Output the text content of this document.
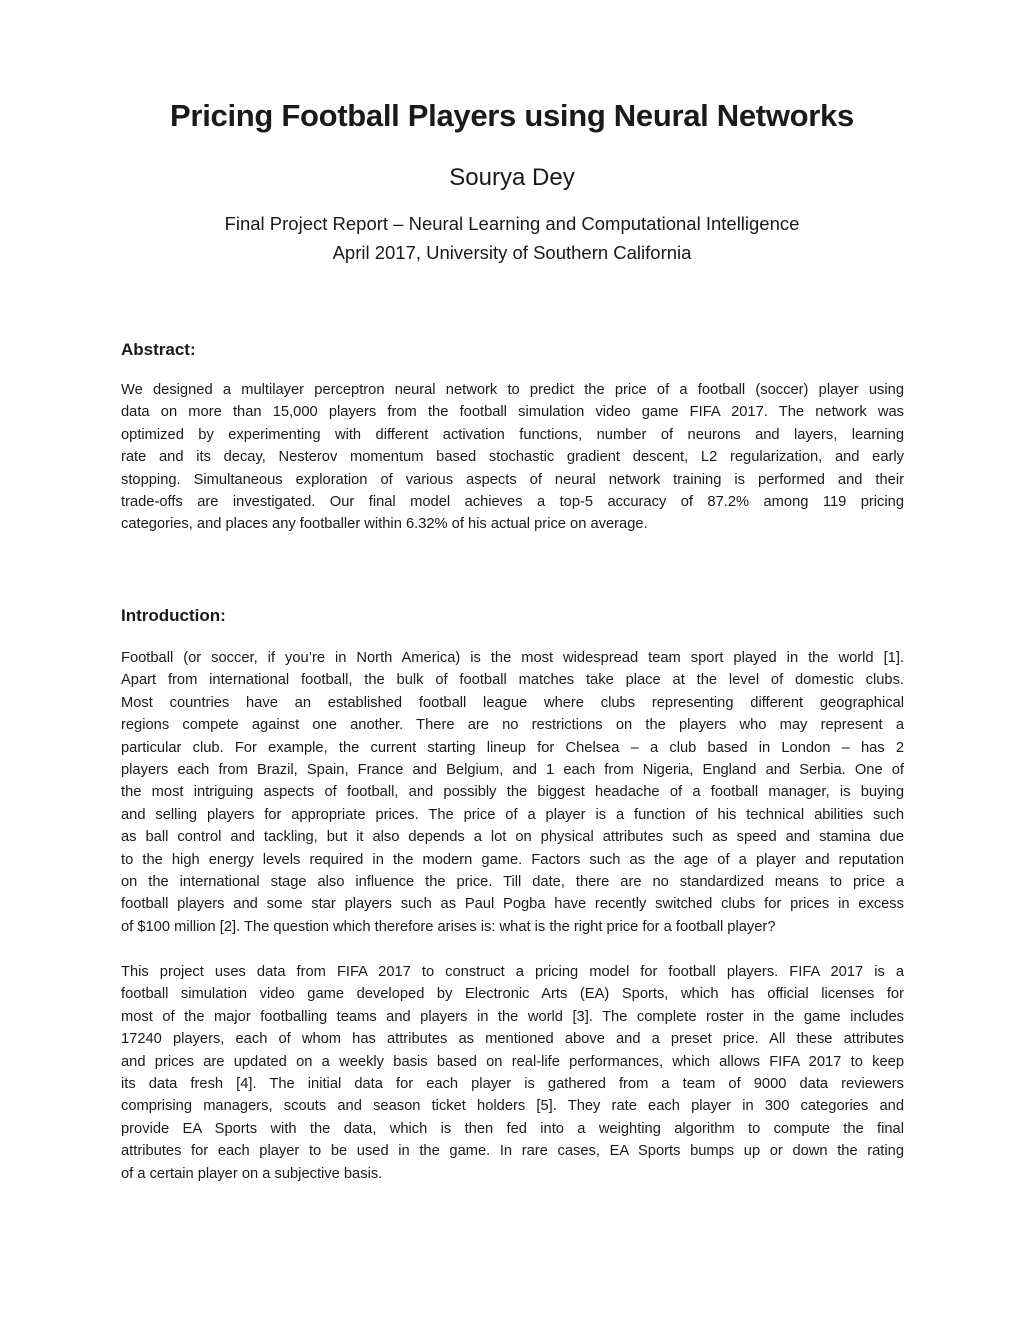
Pricing Football Players using Neural Networks
Sourya Dey
Final Project Report – Neural Learning and Computational Intelligence
April 2017, University of Southern California
Abstract:
We designed a multilayer perceptron neural network to predict the price of a football (soccer) player using
data on more than 15,000 players from the football simulation video game FIFA 2017. The network was
optimized by experimenting with different activation functions, number of neurons and layers, learning
rate and its decay, Nesterov momentum based stochastic gradient descent, L2 regularization, and early
stopping. Simultaneous exploration of various aspects of neural network training is performed and their
trade-offs are investigated. Our final model achieves a top-5 accuracy of 87.2% among 119 pricing
categories, and places any footballer within 6.32% of his actual price on average.
Introduction:
Football (or soccer, if you’re in North America) is the most widespread team sport played in the world [1].
Apart from international football, the bulk of football matches take place at the level of domestic clubs.
Most countries have an established football league where clubs representing different geographical
regions compete against one another. There are no restrictions on the players who may represent a
particular club. For example, the current starting lineup for Chelsea – a club based in London – has 2
players each from Brazil, Spain, France and Belgium, and 1 each from Nigeria, England and Serbia. One of
the most intriguing aspects of football, and possibly the biggest headache of a football manager, is buying
and selling players for appropriate prices. The price of a player is a function of his technical abilities such
as ball control and tackling, but it also depends a lot on physical attributes such as speed and stamina due
to the high energy levels required in the modern game. Factors such as the age of a player and reputation
on the international stage also influence the price. Till date, there are no standardized means to price a
football players and some star players such as Paul Pogba have recently switched clubs for prices in excess
of $100 million [2]. The question which therefore arises is: what is the right price for a football player?
This project uses data from FIFA 2017 to construct a pricing model for football players. FIFA 2017 is a
football simulation video game developed by Electronic Arts (EA) Sports, which has official licenses for
most of the major footballing teams and players in the world [3]. The complete roster in the game includes
17240 players, each of whom has attributes as mentioned above and a preset price. All these attributes
and prices are updated on a weekly basis based on real-life performances, which allows FIFA 2017 to keep
its data fresh [4]. The initial data for each player is gathered from a team of 9000 data reviewers
comprising managers, scouts and season ticket holders [5]. They rate each player in 300 categories and
provide EA Sports with the data, which is then fed into a weighting algorithm to compute the final
attributes for each player to be used in the game. In rare cases, EA Sports bumps up or down the rating
of a certain player on a subjective basis.
